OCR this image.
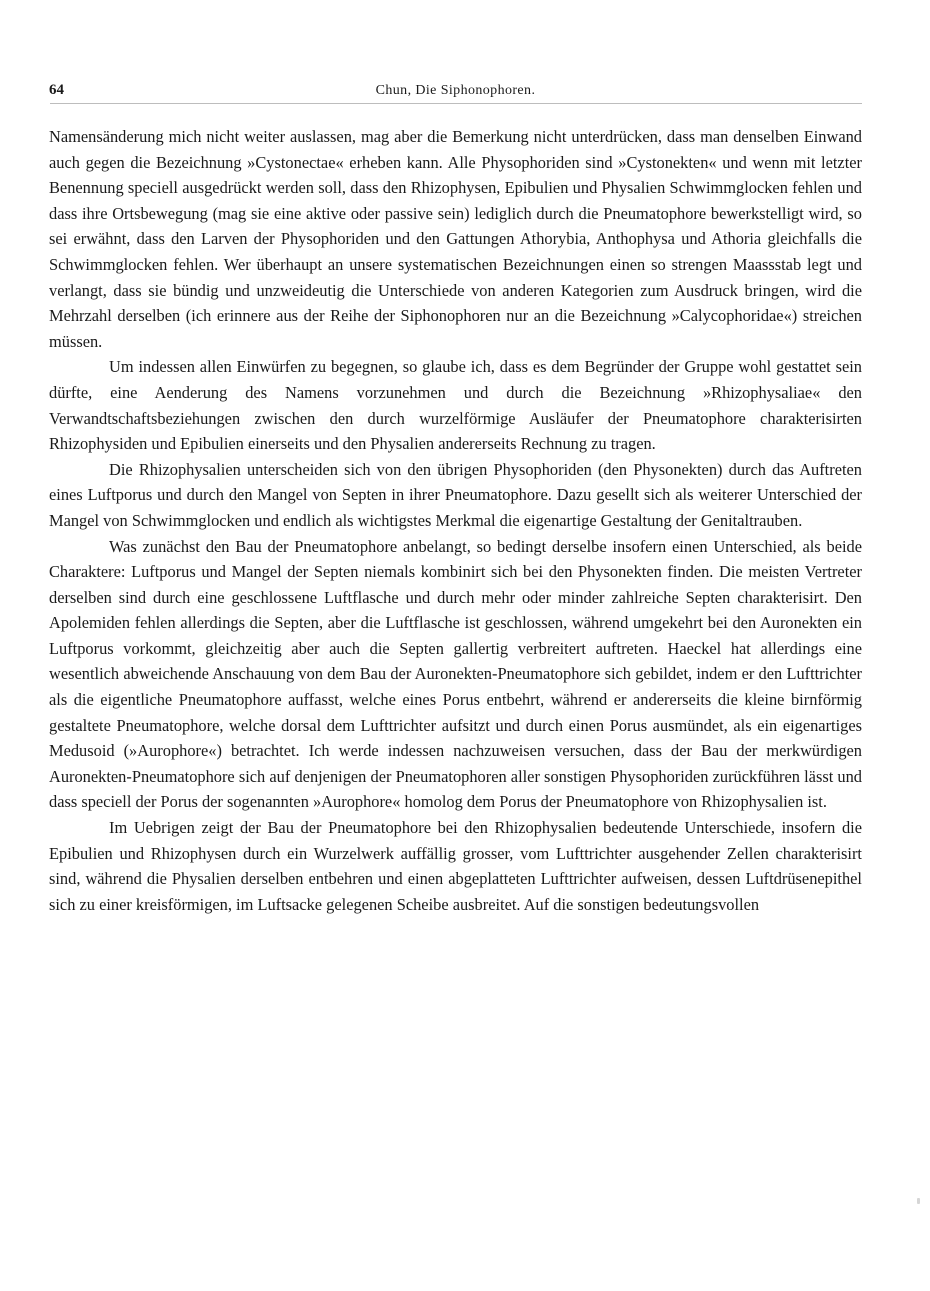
64	Chun, Die Siphonophoren.

Namensänderung mich nicht weiter auslassen, mag aber die Bemerkung nicht unterdrücken, dass man denselben Einwand auch gegen die Bezeichnung »Cystonectae« erheben kann. Alle Physophoriden sind »Cystonekten« und wenn mit letzter Benennung speciell ausgedrückt werden soll, dass den Rhizophysen, Epibulien und Physalien Schwimmglocken fehlen und dass ihre Ortsbewegung (mag sie eine aktive oder passive sein) lediglich durch die Pneumatophore bewerkstelligt wird, so sei erwähnt, dass den Larven der Physophoriden und den Gattungen Athorybia, Anthophysa und Athoria gleichfalls die Schwimmglocken fehlen. Wer überhaupt an unsere systematischen Bezeichnungen einen so strengen Maassstab legt und verlangt, dass sie bündig und unzweideutig die Unterschiede von anderen Kategorien zum Ausdruck bringen, wird die Mehrzahl derselben (ich erinnere aus der Reihe der Siphonophoren nur an die Bezeichnung »Calycophoridae«) streichen müssen.

Um indessen allen Einwürfen zu begegnen, so glaube ich, dass es dem Begründer der Gruppe wohl gestattet sein dürfte, eine Aenderung des Namens vorzunehmen und durch die Bezeichnung »Rhizophysaliae« den Verwandtschaftsbeziehungen zwischen den durch wurzelförmige Ausläufer der Pneumatophore charakterisirten Rhizophysiden und Epibulien einerseits und den Physalien andererseits Rechnung zu tragen.

Die Rhizophysalien unterscheiden sich von den übrigen Physophoriden (den Physonekten) durch das Auftreten eines Luftporus und durch den Mangel von Septen in ihrer Pneumatophore. Dazu gesellt sich als weiterer Unterschied der Mangel von Schwimmglocken und endlich als wichtigstes Merkmal die eigenartige Gestaltung der Genitaltrauben.

Was zunächst den Bau der Pneumatophore anbelangt, so bedingt derselbe insofern einen Unterschied, als beide Charaktere: Luftporus und Mangel der Septen niemals kombinirt sich bei den Physonekten finden. Die meisten Vertreter derselben sind durch eine geschlossene Luftflasche und durch mehr oder minder zahlreiche Septen charakterisirt. Den Apolemiden fehlen allerdings die Septen, aber die Luftflasche ist geschlossen, während umgekehrt bei den Auronekten ein Luftporus vorkommt, gleichzeitig aber auch die Septen gallertig verbreitert auftreten. Haeckel hat allerdings eine wesentlich abweichende Anschauung von dem Bau der Auronekten-Pneumatophore sich gebildet, indem er den Lufttrichter als die eigentliche Pneumatophore auffasst, welche eines Porus entbehrt, während er andererseits die kleine birnförmig gestaltete Pneumatophore, welche dorsal dem Lufttrichter aufsitzt und durch einen Porus ausmündet, als ein eigenartiges Medusoid (»Aurophore«) betrachtet. Ich werde indessen nachzuweisen versuchen, dass der Bau der merkwürdigen Auronekten-Pneumatophore sich auf denjenigen der Pneumatophoren aller sonstigen Physophoriden zurückführen lässt und dass speciell der Porus der sogenannten »Aurophore« homolog dem Porus der Pneumatophore von Rhizophysalien ist.

Im Uebrigen zeigt der Bau der Pneumatophore bei den Rhizophysalien bedeutende Unterschiede, insofern die Epibulien und Rhizophysen durch ein Wurzelwerk auffällig grosser, vom Lufttrichter ausgehender Zellen charakterisirt sind, während die Physalien derselben entbehren und einen abgeplatteten Lufttrichter aufweisen, dessen Luftdrüsenepithel sich zu einer kreisförmigen, im Luftsacke gelegenen Scheibe ausbreitet. Auf die sonstigen bedeutungsvollen
